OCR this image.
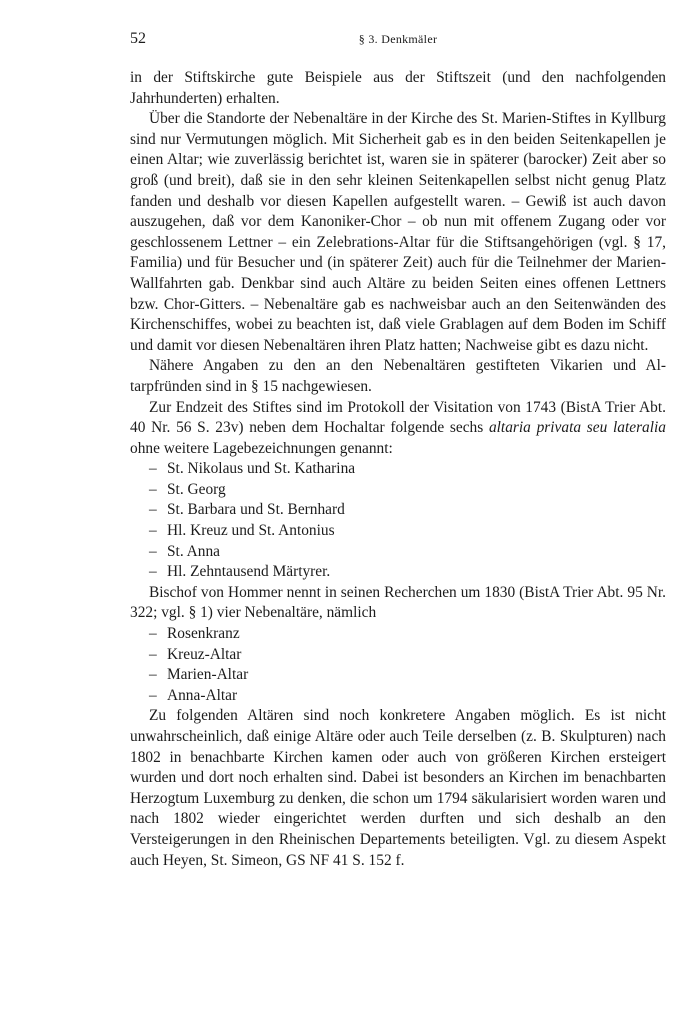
52	§ 3. Denkmäler

in der Stiftskirche gute Beispiele aus der Stiftszeit (und den nachfolgenden Jahrhunderten) erhalten.

Über die Standorte der Nebenaltäre in der Kirche des St. Marien-Stiftes in Kyllburg sind nur Vermutungen möglich. Mit Sicherheit gab es in den beiden Seitenkapellen je einen Altar; wie zuverlässig berichtet ist, waren sie in späterer (barocker) Zeit aber so groß (und breit), daß sie in den sehr kleinen Seitenkapellen selbst nicht genug Platz fanden und deshalb vor diesen Kapellen aufgestellt waren. – Gewiß ist auch davon auszugehen, daß vor dem Kanoniker-Chor – ob nun mit offenem Zugang oder vor geschlossenem Lettner – ein Zelebrations-Altar für die Stiftsangehörigen (vgl. § 17, Familia) und für Besucher und (in späterer Zeit) auch für die Teilnehmer der Marien-Wallfahrten gab. Denkbar sind auch Altäre zu beiden Seiten eines offenen Lettners bzw. Chor-Gitters. – Nebenaltäre gab es nachweisbar auch an den Seitenwänden des Kirchenschiffes, wobei zu beachten ist, daß viele Grablagen auf dem Boden im Schiff und damit vor diesen Nebenaltären ihren Platz hatten; Nachweise gibt es dazu nicht.

Nähere Angaben zu den an den Nebenaltären gestifteten Vikarien und Altarpfründen sind in § 15 nachgewiesen.

Zur Endzeit des Stiftes sind im Protokoll der Visitation von 1743 (BistA Trier Abt. 40 Nr. 56 S. 23v) neben dem Hochaltar folgende sechs altaria privata seu lateralia ohne weitere Lagebezeichnungen genannt:

– St. Nikolaus und St. Katharina
– St. Georg
– St. Barbara und St. Bernhard
– Hl. Kreuz und St. Antonius
– St. Anna
– Hl. Zehntausend Märtyrer.

Bischof von Hommer nennt in seinen Recherchen um 1830 (BistA Trier Abt. 95 Nr. 322; vgl. § 1) vier Nebenaltäre, nämlich

– Rosenkranz
– Kreuz-Altar
– Marien-Altar
– Anna-Altar

Zu folgenden Altären sind noch konkretere Angaben möglich. Es ist nicht unwahrscheinlich, daß einige Altäre oder auch Teile derselben (z. B. Skulpturen) nach 1802 in benachbarte Kirchen kamen oder auch von größeren Kirchen ersteigert wurden und dort noch erhalten sind. Dabei ist besonders an Kirchen im benachbarten Herzogtum Luxemburg zu denken, die schon um 1794 säkularisiert worden waren und nach 1802 wieder eingerichtet werden durften und sich deshalb an den Versteigerungen in den Rheinischen Departements beteiligten. Vgl. zu diesem Aspekt auch Heyen, St. Simeon, GS NF 41 S. 152 f.
